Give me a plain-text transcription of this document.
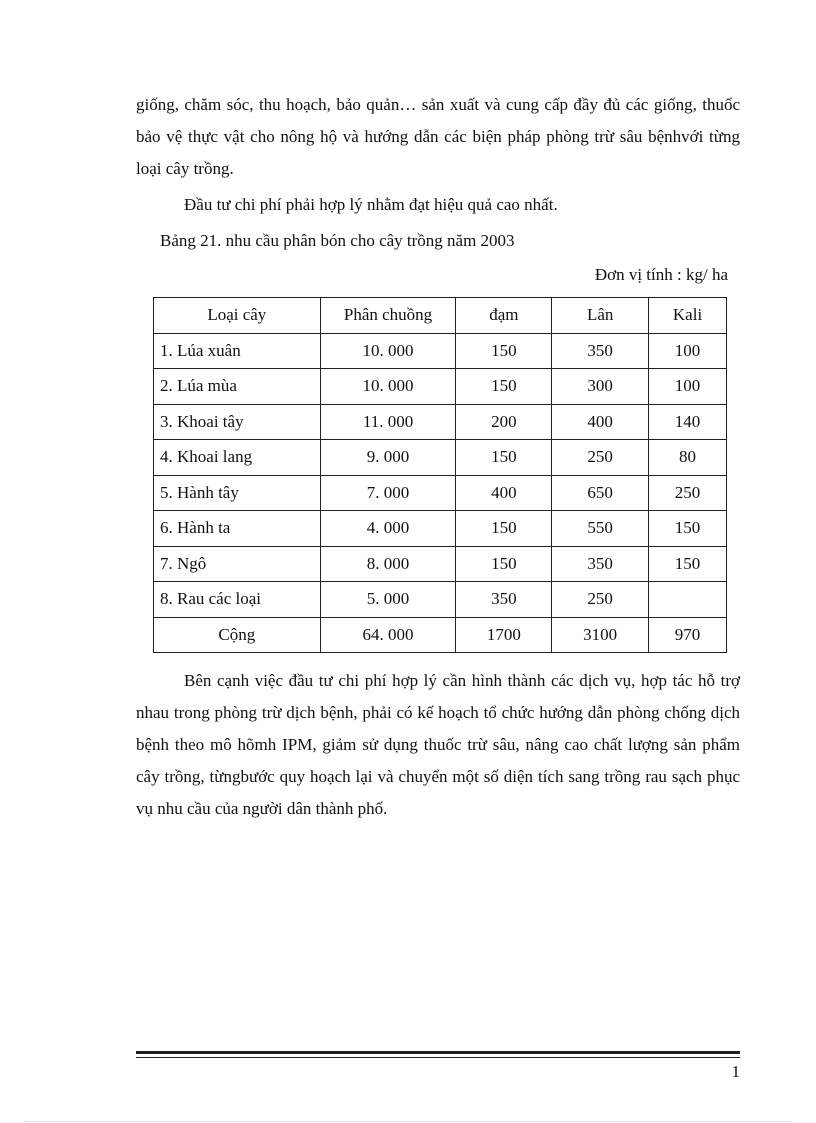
giống, chăm sóc, thu hoạch, bảo quản… sản xuất và cung cấp đầy đủ các giống, thuốc bảo vệ thực vật cho nông hộ và hướng dẫn các biện pháp phòng trừ sâu bệnhvới từng loại cây trồng.

Đầu tư chi phí phải hợp lý nhằm đạt hiệu quả cao nhất.

Bảng 21. nhu cầu phân bón cho cây trồng năm 2003

Đơn vị tính : kg/ ha

Loại cây	Phân chuồng	đạm	Lân	Kali
1. Lúa xuân	10. 000	150	350	100
2. Lúa mùa	10. 000	150	300	100
3. Khoai tây	11. 000	200	400	140
4. Khoai lang	9. 000	150	250	80
5. Hành tây	7. 000	400	650	250
6. Hành ta	4. 000	150	550	150
7. Ngô	8. 000	150	350	150
8. Rau các loại	5. 000	350	250	
Cộng	64. 000	1700	3100	970

Bên cạnh việc đầu tư chi phí hợp lý cần hình thành các dịch vụ, hợp tác hỗ trợ nhau trong phòng trừ dịch bệnh, phải có kế hoạch tổ chức hướng dẫn phòng chống dịch bệnh theo mô hõmh IPM, giảm sử dụng thuốc trừ sâu, nâng cao chất lượng sản phẩm cây trồng, từngbước quy hoạch lại và chuyển một số diện tích sang trồng rau sạch phục vụ nhu cầu của người dân thành phố.

1
